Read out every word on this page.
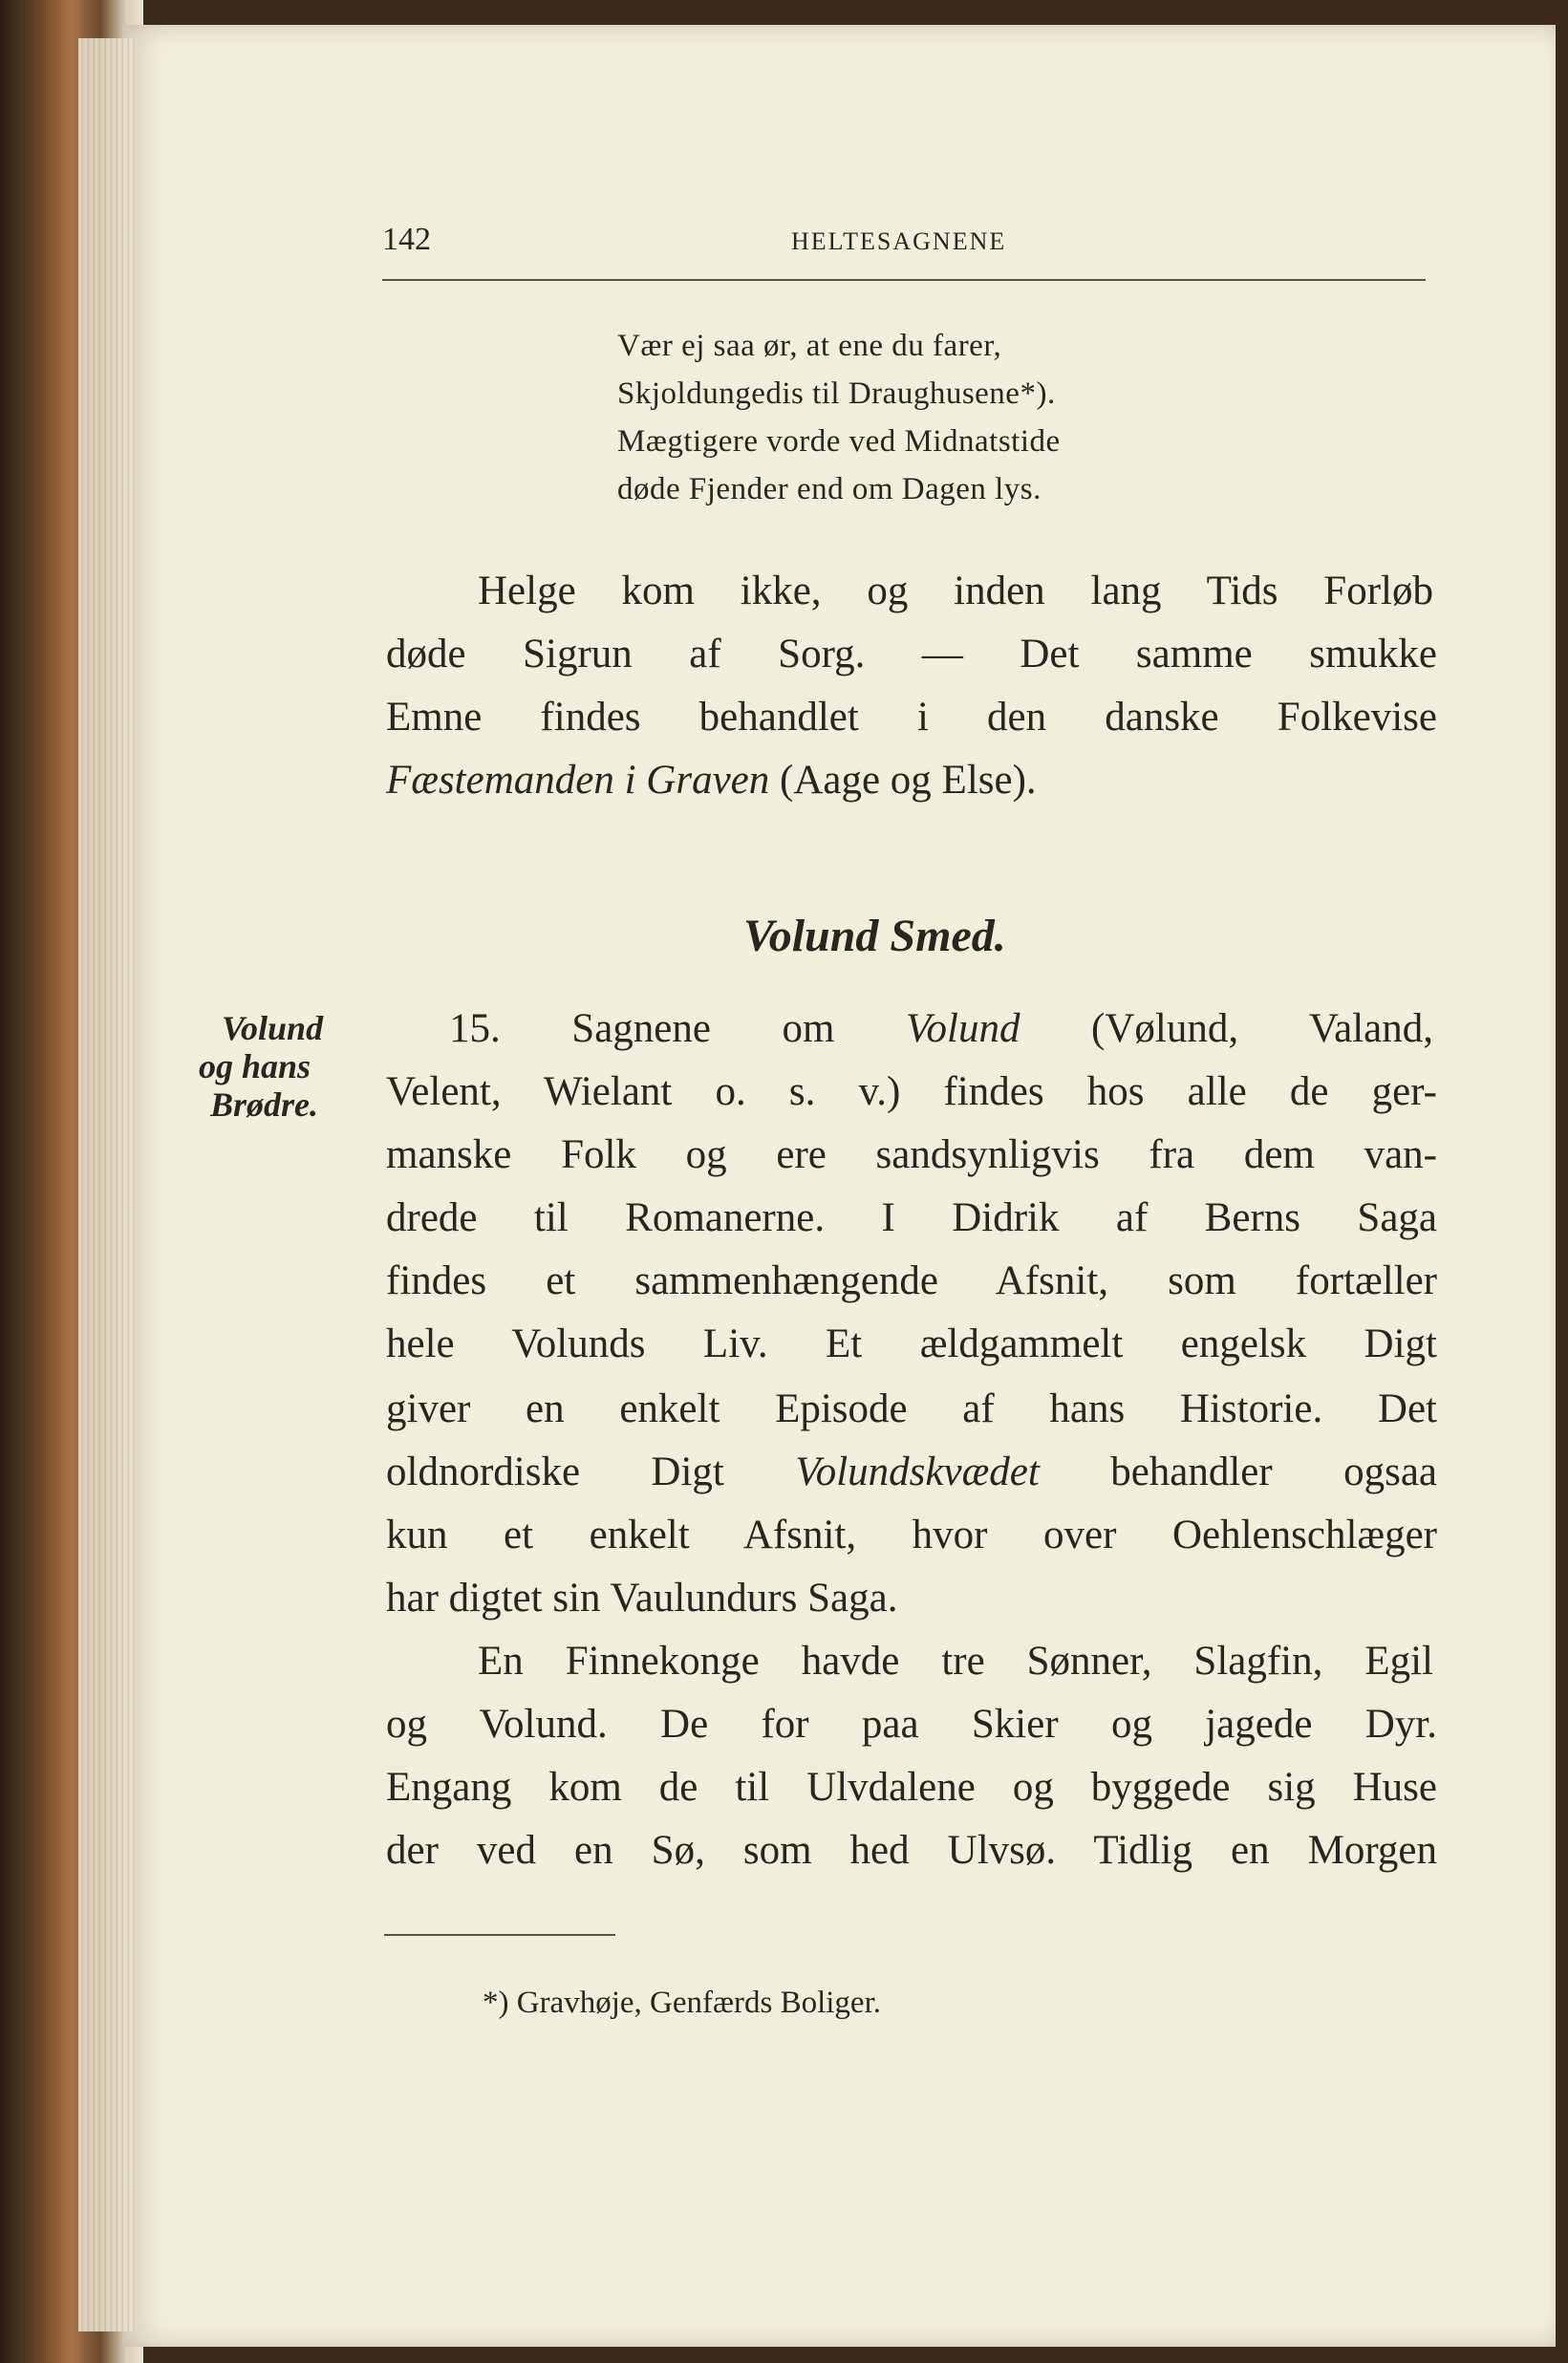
142	HELTESAGNENE

Vær ej saa ør, at ene du farer,

Skjoldungedis til Draughusene*).

Mægtigere vorde ved Midnatstide

døde Fjender end om Dagen lys.

Helge kom ikke, og inden lang Tids Forløb

døde Sigrun af Sorg. — Det samme smukke

Emne findes behandlet i den danske Folkevise

Fæstemanden i Graven (Aage og Else).

Volund Smed.

Volund

og hans

Brødre.

15. Sagnene om Volund (Vølund, Valand,

Velent, Wielant o. s. v.) findes hos alle de ger-

manske Folk og ere sandsynligvis fra dem van-

drede til Romanerne. I Didrik af Berns Saga

findes et sammenhængende Afsnit, som fortæller

hele Volunds Liv. Et ældgammelt engelsk Digt

giver en enkelt Episode af hans Historie. Det

oldnordiske Digt Volundskvædet behandler ogsaa

kun et enkelt Afsnit, hvor over Oehlenschlæger

har digtet sin Vaulundurs Saga.

En Finnekonge havde tre Sønner, Slagfin, Egil

og Volund. De for paa Skier og jagede Dyr.

Engang kom de til Ulvdalene og byggede sig Huse

der ved en Sø, som hed Ulvsø. Tidlig en Morgen

*) Gravhøje, Genfærds Boliger.
